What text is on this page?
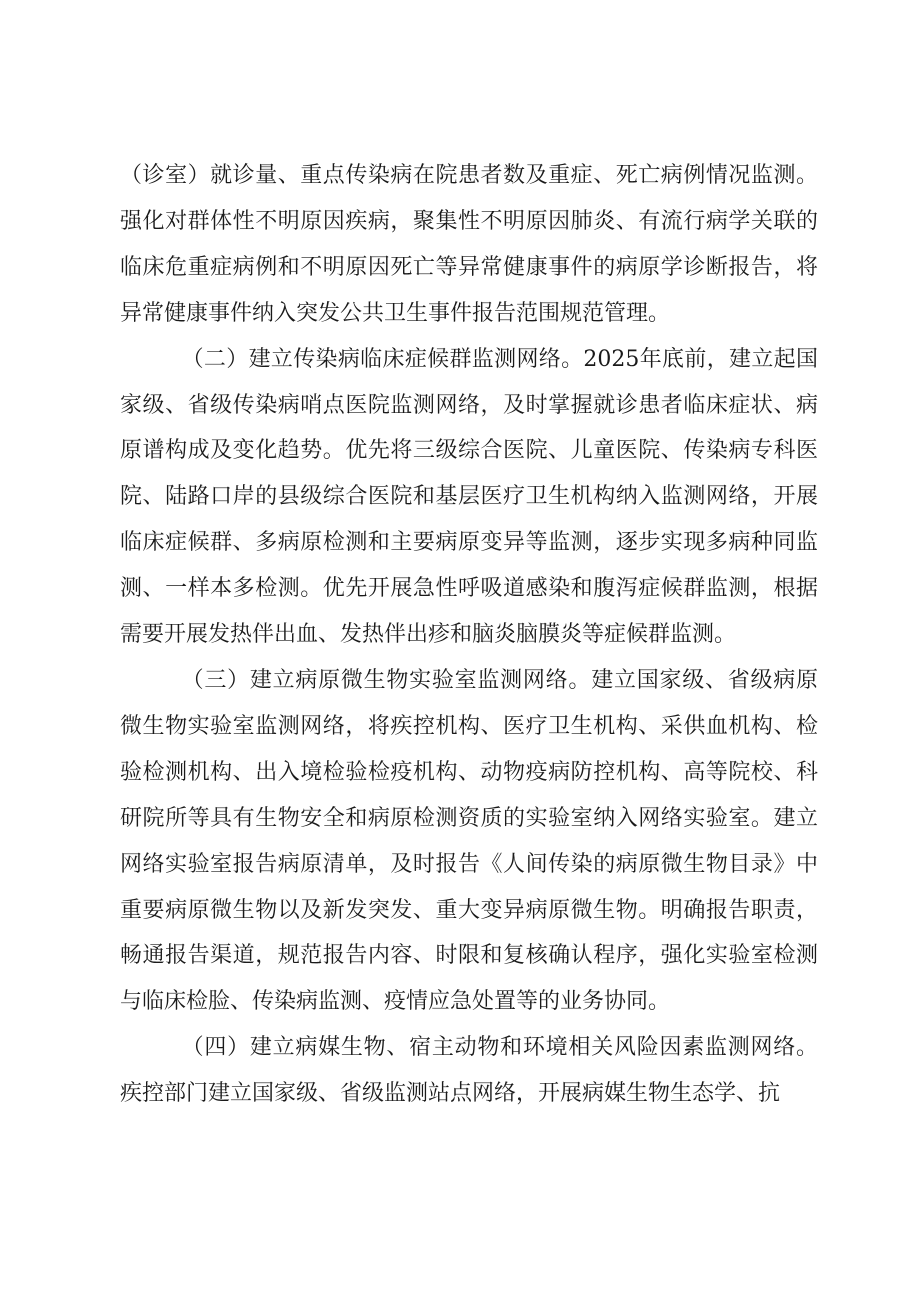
（诊室）就诊量、重点传染病在院患者数及重症、死亡病例情况监测。强化对群体性不明原因疾病，聚集性不明原因肺炎、有流行病学关联的临床危重症病例和不明原因死亡等异常健康事件的病原学诊断报告，将异常健康事件纳入突发公共卫生事件报告范围规范管理。

（二）建立传染病临床症候群监测网络。2025年底前，建立起国家级、省级传染病哨点医院监测网络，及时掌握就诊患者临床症状、病原谱构成及变化趋势。优先将三级综合医院、儿童医院、传染病专科医院、陆路口岸的县级综合医院和基层医疗卫生机构纳入监测网络，开展临床症候群、多病原检测和主要病原变异等监测，逐步实现多病种同监测、一样本多检测。优先开展急性呼吸道感染和腹泻症候群监测，根据需要开展发热伴出血、发热伴出疹和脑炎脑膜炎等症候群监测。

（三）建立病原微生物实验室监测网络。建立国家级、省级病原微生物实验室监测网络，将疾控机构、医疗卫生机构、采供血机构、检验检测机构、出入境检验检疫机构、动物疫病防控机构、高等院校、科研院所等具有生物安全和病原检测资质的实验室纳入网络实验室。建立网络实验室报告病原清单，及时报告《人间传染的病原微生物目录》中重要病原微生物以及新发突发、重大变异病原微生物。明确报告职责，畅通报告渠道，规范报告内容、时限和复核确认程序，强化实验室检测与临床检脸、传染病监测、疫情应急处置等的业务协同。

（四）建立病媒生物、宿主动物和环境相关风险因素监测网络。疾控部门建立国家级、省级监测站点网络，开展病媒生物生态学、抗
